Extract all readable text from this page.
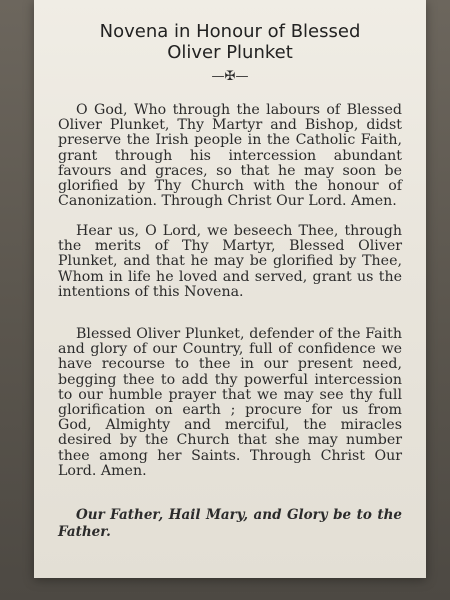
Novena in Honour of Blessed
Oliver Plunket
—✠—
O God, Who through the labours of Blessed Oliver Plunket, Thy Martyr and Bishop, didst preserve the Irish people in the Catholic Faith, grant through his intercession abundant favours and graces, so that he may soon be glorified by Thy Church with the honour of Canonization. Through Christ Our Lord. Amen.
Hear us, O Lord, we beseech Thee, through the merits of Thy Martyr, Blessed Oliver Plunket, and that he may be glorified by Thee, Whom in life he loved and served, grant us the intentions of this Novena.
Blessed Oliver Plunket, defender of the Faith and glory of our Country, full of confidence we have recourse to thee in our present need, begging thee to add thy powerful intercession to our humble prayer that we may see thy full glorification on earth ; procure for us from God, Almighty and merciful, the miracles desired by the Church that she may number thee among her Saints. Through Christ Our Lord. Amen.
Our Father, Hail Mary, and Glory be to the Father.
